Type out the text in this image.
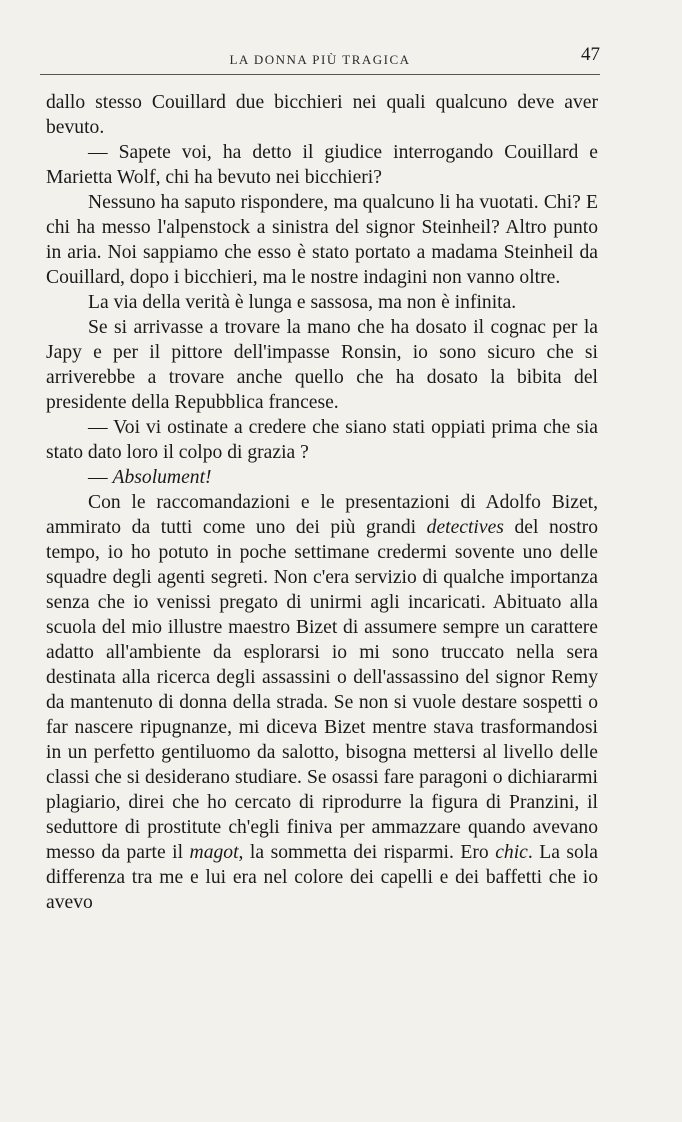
LA DONNA PIÙ TRAGICA	47

dallo stesso Couillard due bicchieri nei quali qualcuno deve aver bevuto.

— Sapete voi, ha detto il giudice interrogando Couillard e Marietta Wolf, chi ha bevuto nei bicchieri?

Nessuno ha saputo rispondere, ma qualcuno li ha vuotati. Chi? E chi ha messo l'alpenstock a sinistra del signor Steinheil? Altro punto in aria. Noi sappiamo che esso è stato portato a madama Steinheil da Couillard, dopo i bicchieri, ma le nostre indagini non vanno oltre.

La via della verità è lunga e sassosa, ma non è infinita.

Se si arrivasse a trovare la mano che ha dosato il cognac per la Japy e per il pittore dell'impasse Ronsin, io sono sicuro che si arriverebbe a trovare anche quello che ha dosato la bibita del presidente della Repubblica francese.

— Voi vi ostinate a credere che siano stati oppiati prima che sia stato dato loro il colpo di grazia ?

— Absolument!

Con le raccomandazioni e le presentazioni di Adolfo Bizet, ammirato da tutti come uno dei più grandi detectives del nostro tempo, io ho potuto in poche settimane credermi sovente uno delle squadre degli agenti segreti. Non c'era servizio di qualche importanza senza che io venissi pregato di unirmi agli incaricati. Abituato alla scuola del mio illustre maestro Bizet di assumere sempre un carattere adatto all'ambiente da esplorarsi io mi sono truccato nella sera destinata alla ricerca degli assassini o dell'assassino del signor Remy da mantenuto di donna della strada. Se non si vuole destare sospetti o far nascere ripugnanze, mi diceva Bizet mentre stava trasformandosi in un perfetto gentiluomo da salotto, bisogna mettersi al livello delle classi che si desiderano studiare. Se osassi fare paragoni o dichiararmi plagiario, direi che ho cercato di riprodurre la figura di Pranzini, il seduttore di prostitute ch'egli finiva per ammazzare quando avevano messo da parte il magot, la sommetta dei risparmi. Ero chic. La sola differenza tra me e lui era nel colore dei capelli e dei baffetti che io avevo
